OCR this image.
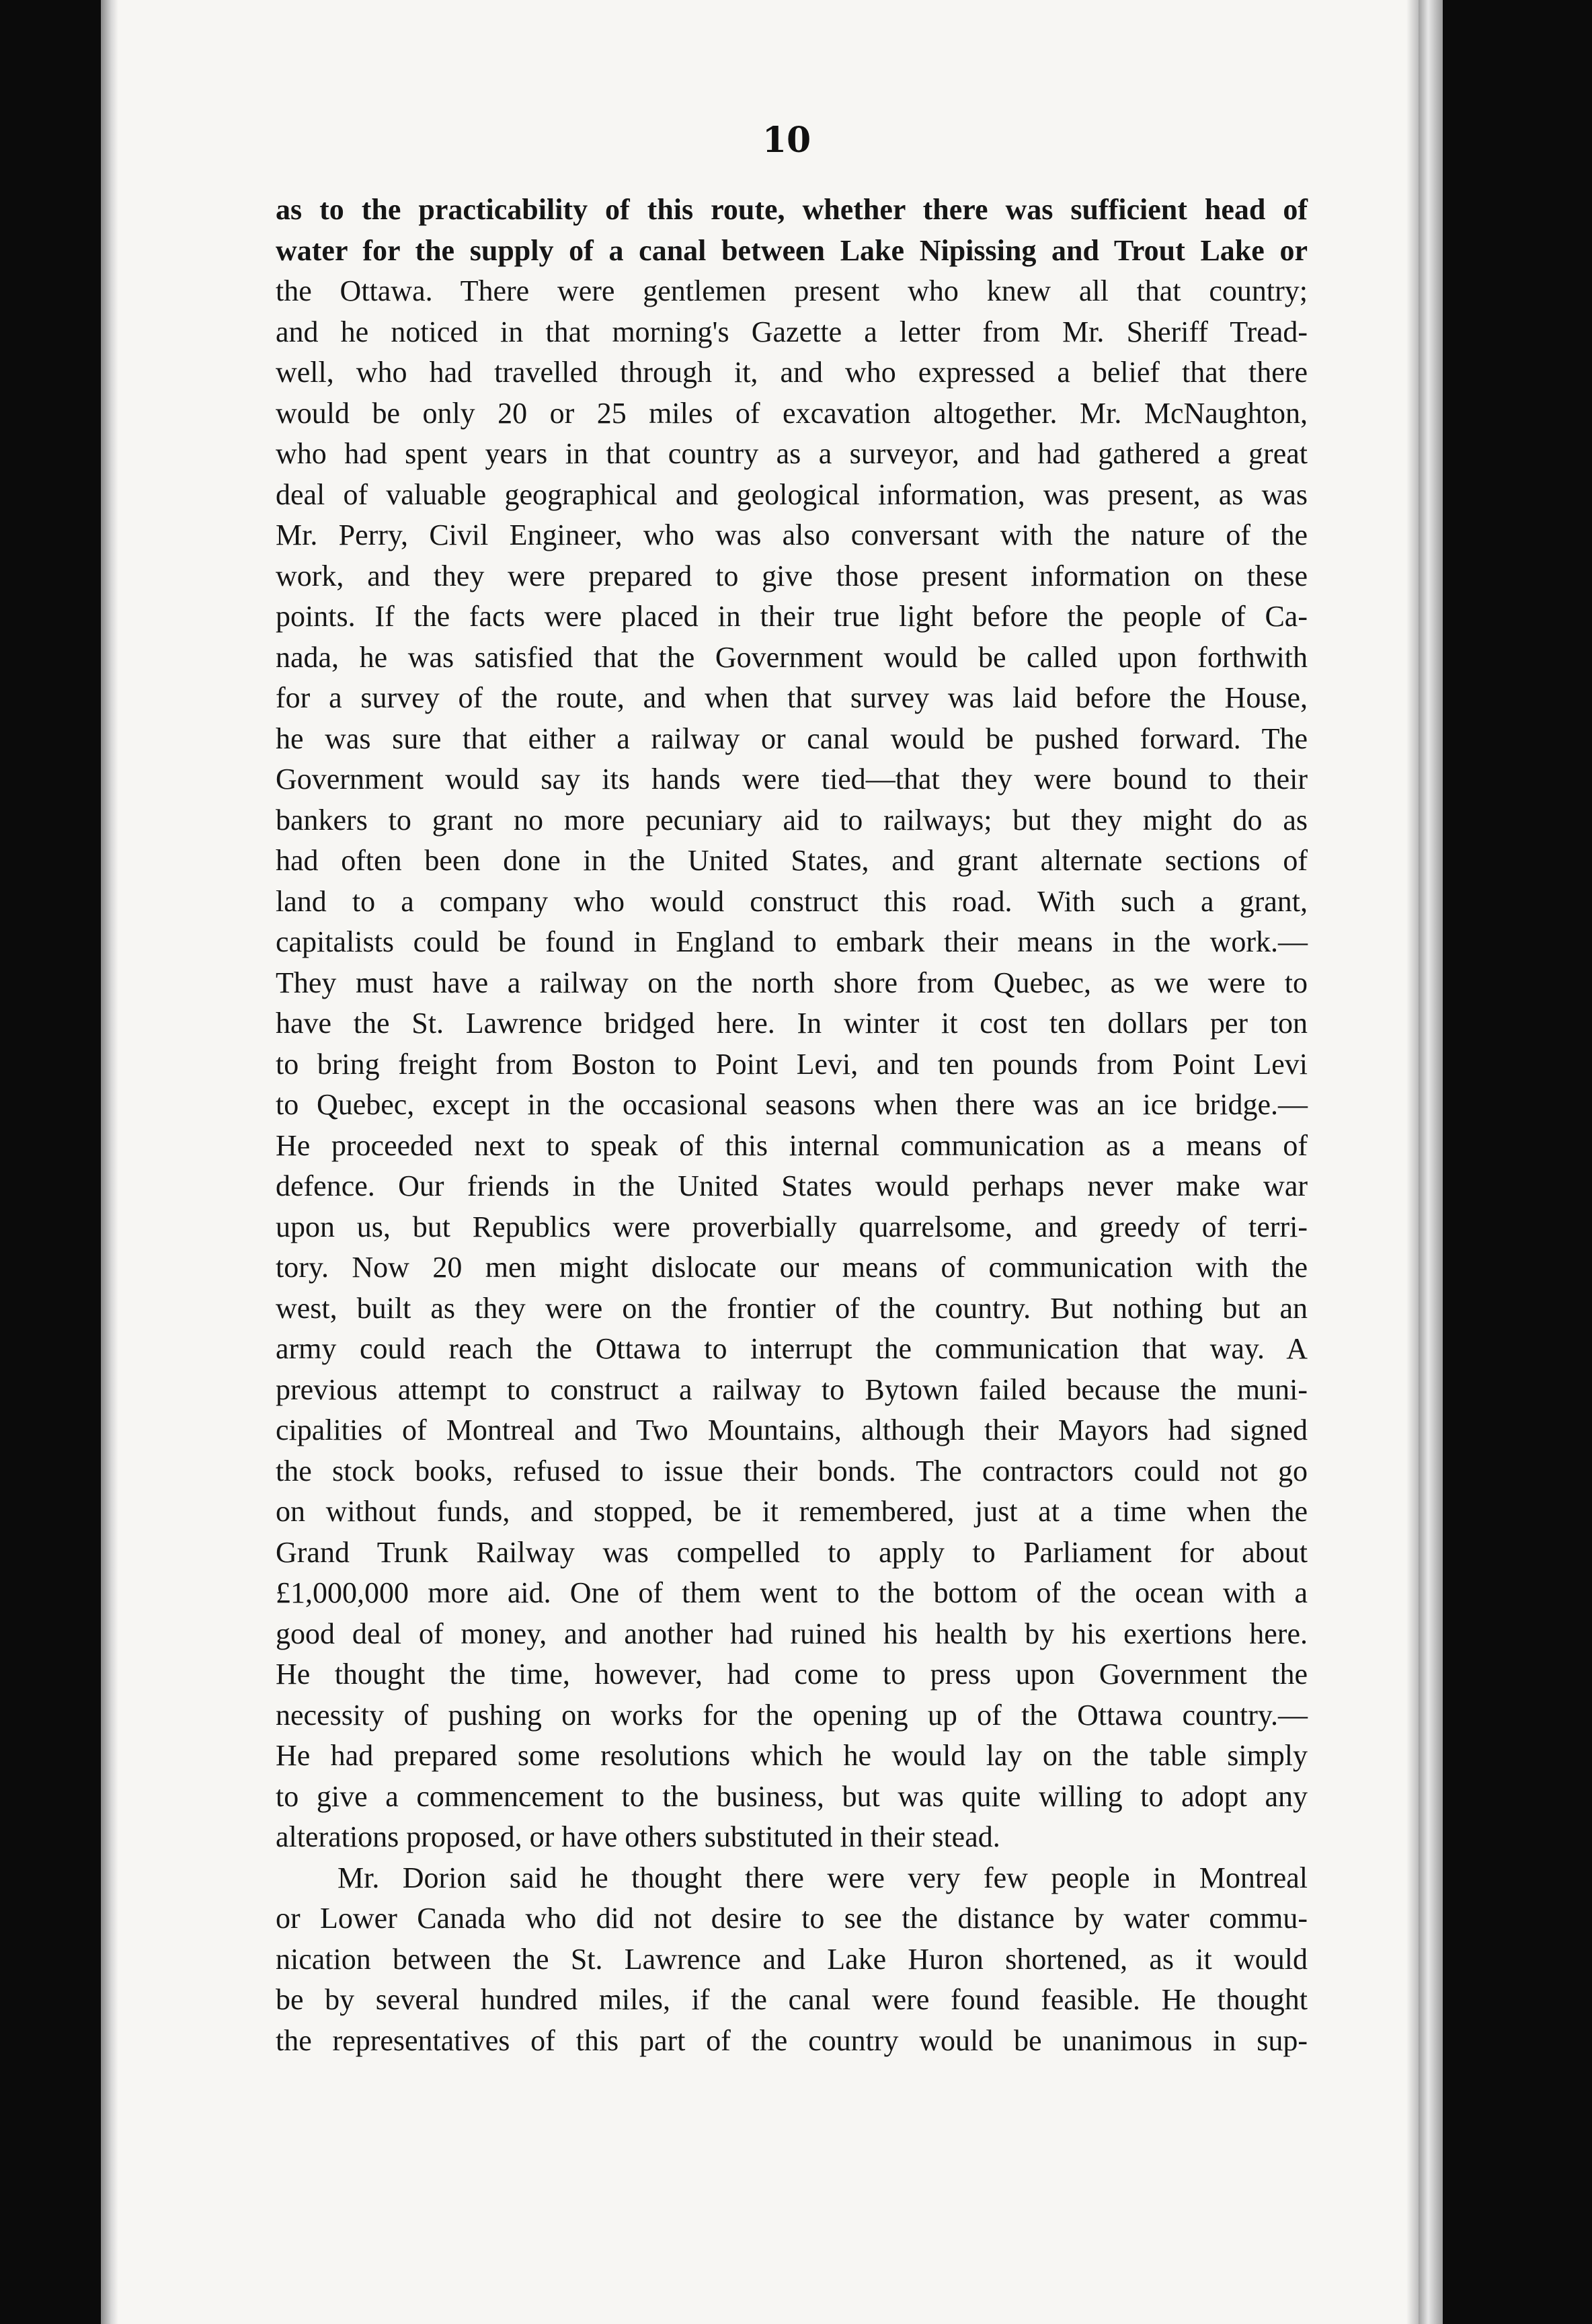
10
as to the practicability of this route, whether there was sufficient head of
water for the supply of a canal between Lake Nipissing and Trout Lake or
the Ottawa. There were gentlemen present who knew all that country;
and he noticed in that morning's Gazette a letter from Mr. Sheriff Tread-
well, who had travelled through it, and who expressed a belief that there
would be only 20 or 25 miles of excavation altogether. Mr. McNaughton,
who had spent years in that country as a surveyor, and had gathered a great
deal of valuable geographical and geological information, was present, as was
Mr. Perry, Civil Engineer, who was also conversant with the nature of the
work, and they were prepared to give those present information on these
points. If the facts were placed in their true light before the people of Ca-
nada, he was satisfied that the Government would be called upon forthwith
for a survey of the route, and when that survey was laid before the House,
he was sure that either a railway or canal would be pushed forward. The
Government would say its hands were tied—that they were bound to their
bankers to grant no more pecuniary aid to railways; but they might do as
had often been done in the United States, and grant alternate sections of
land to a company who would construct this road. With such a grant,
capitalists could be found in England to embark their means in the work.—
They must have a railway on the north shore from Quebec, as we were to
have the St. Lawrence bridged here. In winter it cost ten dollars per ton
to bring freight from Boston to Point Levi, and ten pounds from Point Levi
to Quebec, except in the occasional seasons when there was an ice bridge.—
He proceeded next to speak of this internal communication as a means of
defence. Our friends in the United States would perhaps never make war
upon us, but Republics were proverbially quarrelsome, and greedy of terri-
tory. Now 20 men might dislocate our means of communication with the
west, built as they were on the frontier of the country. But nothing but an
army could reach the Ottawa to interrupt the communication that way. A
previous attempt to construct a railway to Bytown failed because the muni-
cipalities of Montreal and Two Mountains, although their Mayors had signed
the stock books, refused to issue their bonds. The contractors could not go
on without funds, and stopped, be it remembered, just at a time when the
Grand Trunk Railway was compelled to apply to Parliament for about
£1,000,000 more aid. One of them went to the bottom of the ocean with a
good deal of money, and another had ruined his health by his exertions here.
He thought the time, however, had come to press upon Government the
necessity of pushing on works for the opening up of the Ottawa country.—
He had prepared some resolutions which he would lay on the table simply
to give a commencement to the business, but was quite willing to adopt any
alterations proposed, or have others substituted in their stead.
Mr. Dorion said he thought there were very few people in Montreal
or Lower Canada who did not desire to see the distance by water commu-
nication between the St. Lawrence and Lake Huron shortened, as it would
be by several hundred miles, if the canal were found feasible. He thought
the representatives of this part of the country would be unanimous in sup-
